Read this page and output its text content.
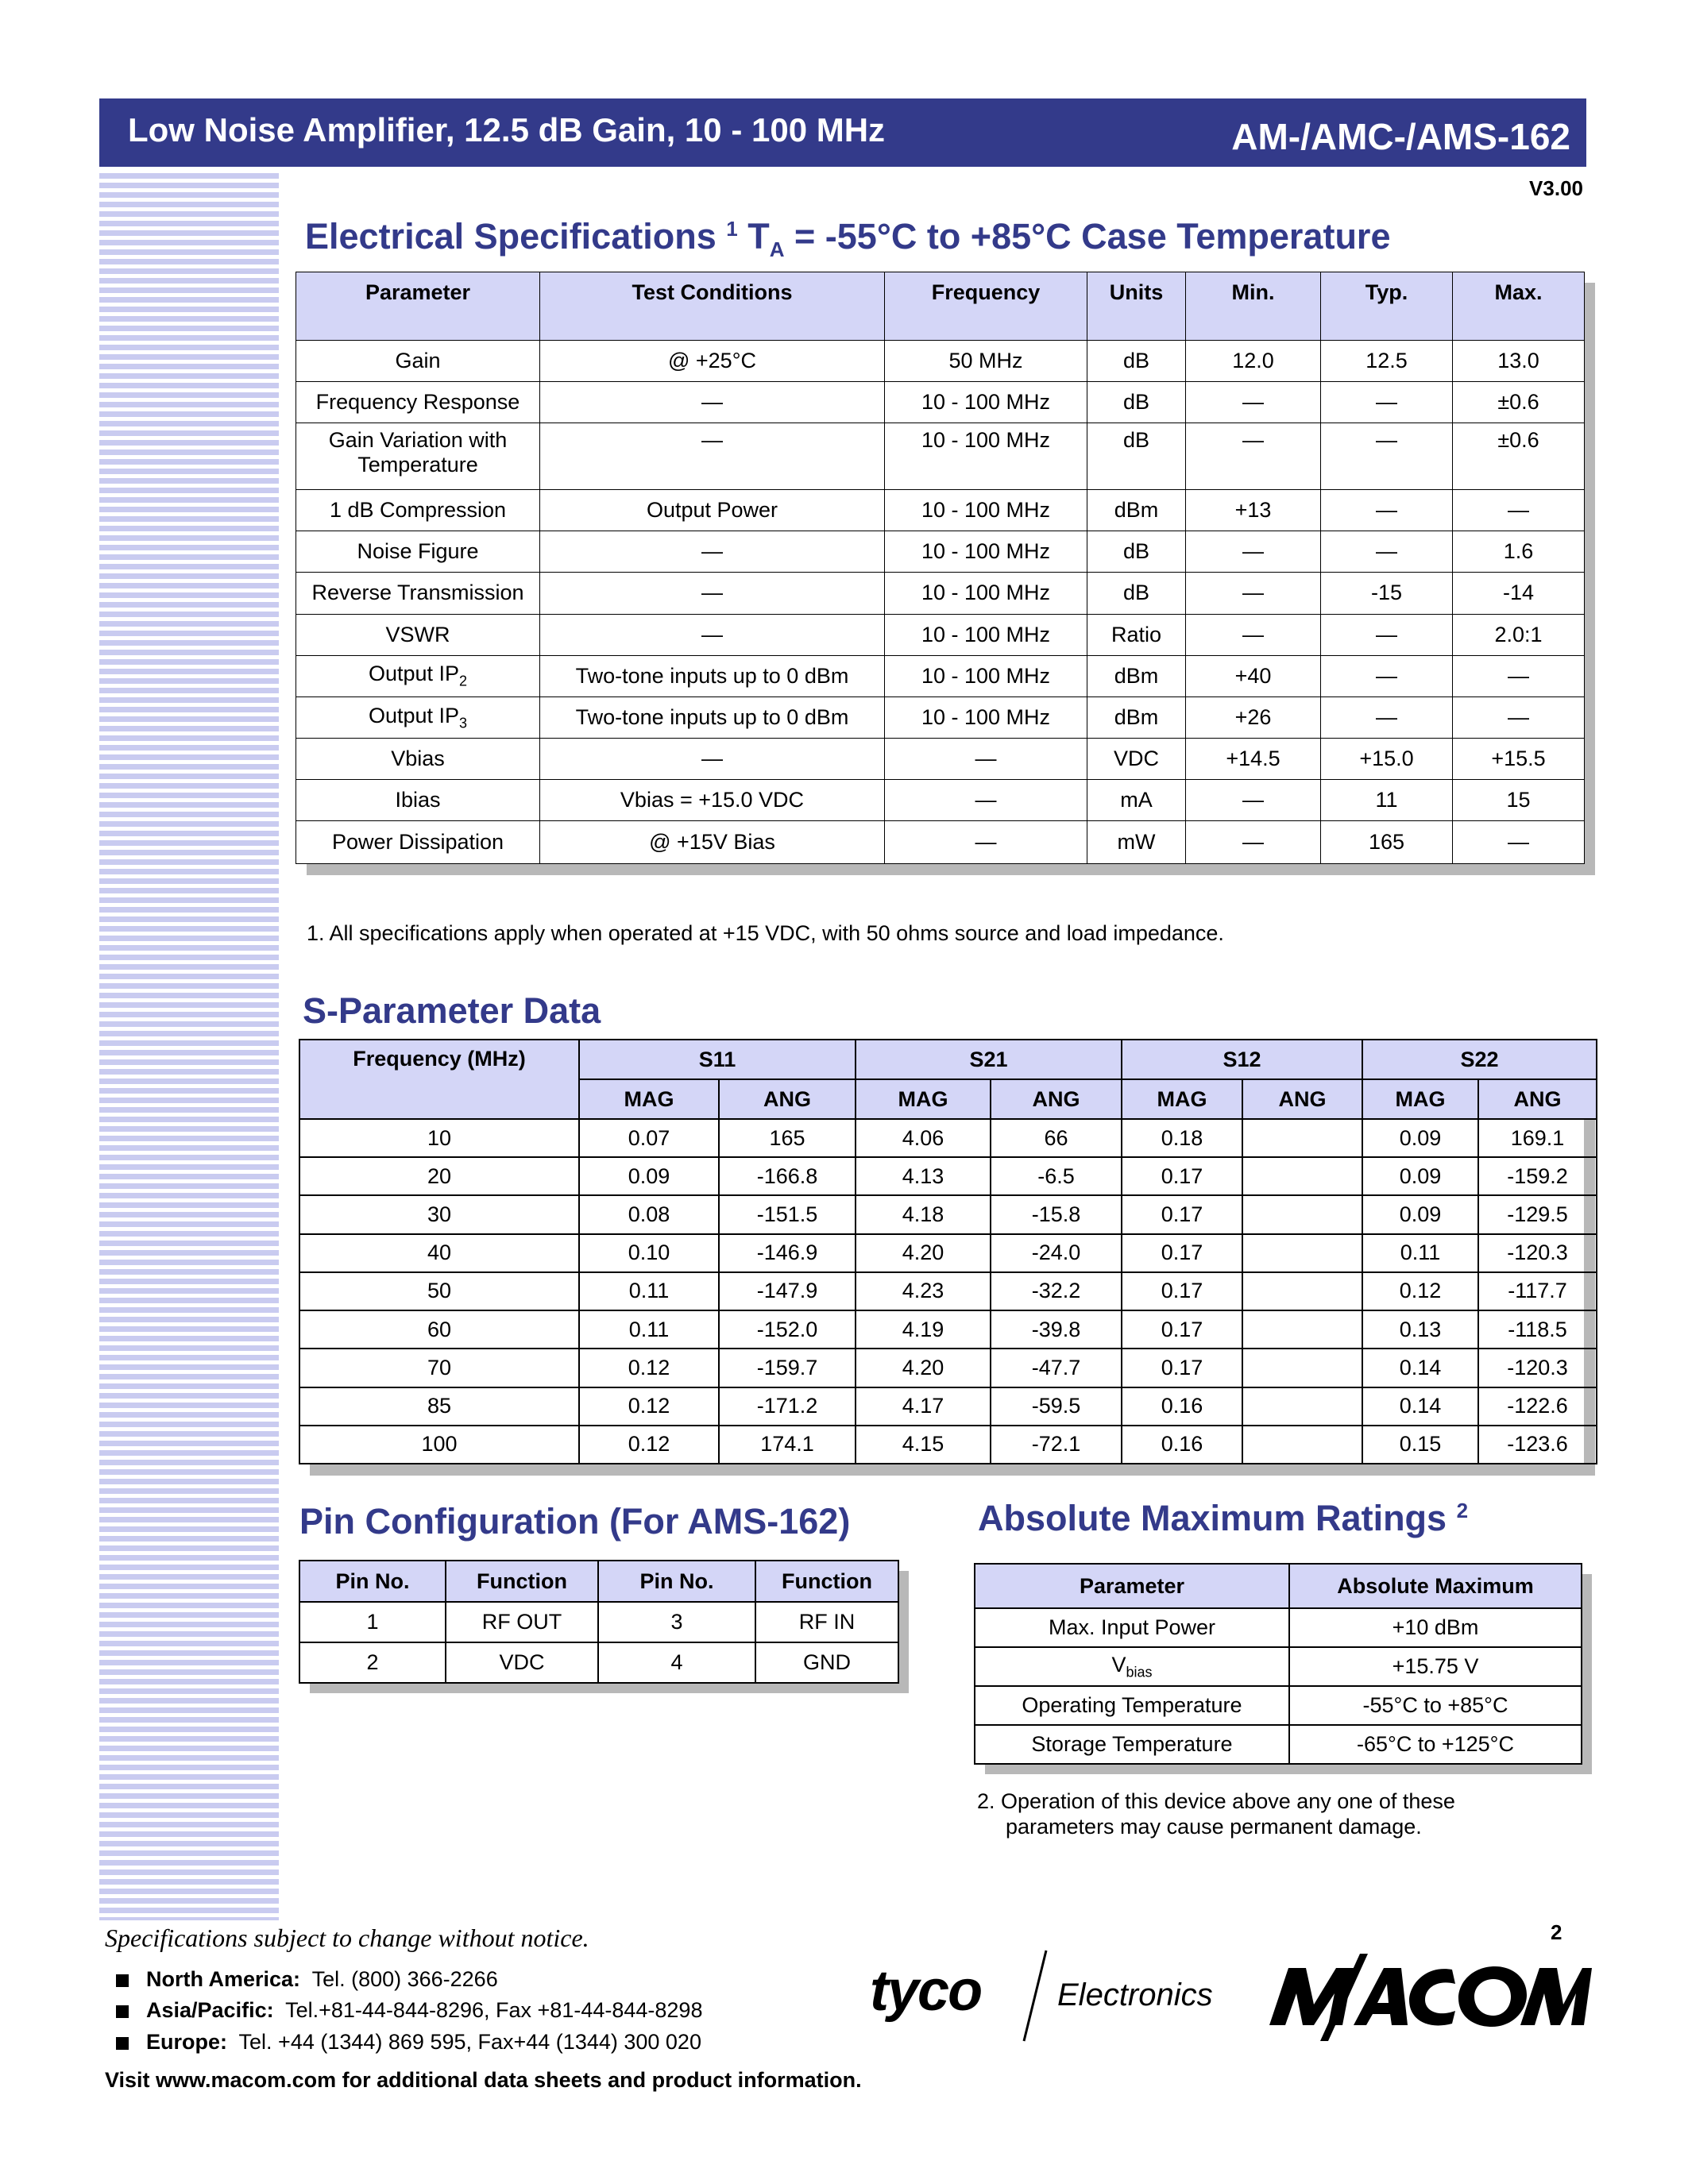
Low Noise Amplifier, 12.5 dB Gain, 10 - 100 MHz	AM-/AMC-/AMS-162
V3.00
Electrical Specifications $^1$ $T_A = -55^\circ C$ to +85°C Case Temperature
Parameter	Test Conditions	Frequency	Units	Min.	Typ.	Max.
Gain	@ +25°C	50 MHz	dB	12.0	12.5	13.0
Frequency Response	—	10 - 100 MHz	dB	—	—	±0.6
Gain Variation with Temperature	—	10 - 100 MHz	dB	—	—	±0.6
1 dB Compression	Output Power	10 - 100 MHz	dBm	+13	—	—
Noise Figure	—	10 - 100 MHz	dB	—	—	1.6
Reverse Transmission	—	10 - 100 MHz	dB	—	-15	-14
VSWR	—	10 - 100 MHz	Ratio	—	—	2.0:1
Output $IP_2$	Two-tone inputs up to 0 dBm	10 - 100 MHz	dBm	+40	—	—
Output $IP_3$	Two-tone inputs up to 0 dBm	10 - 100 MHz	dBm	+26	—	—
Vbias	—	—	VDC	+14.5	+15.0	+15.5
Ibias	Vbias = +15.0 VDC	—	mA	—	11	15
Power Dissipation	@ +15V Bias	—	mW	—	165	—
1. All specifications apply when operated at +15 VDC, with 50 ohms source and load impedance.
S-Parameter Data
Frequency (MHz)	S11		S21		S12		S22	
	MAG	ANG	MAG	ANG	MAG	ANG	MAG	ANG
10	0.07	165	4.06	66	0.18		0.09	169.1
20	0.09	-166.8	4.13	-6.5	0.17		0.09	-159.2
30	0.08	-151.5	4.18	-15.8	0.17		0.09	-129.5
40	0.10	-146.9	4.20	-24.0	0.17		0.11	-120.3
50	0.11	-147.9	4.23	-32.2	0.17		0.12	-117.7
60	0.11	-152.0	4.19	-39.8	0.17		0.13	-118.5
70	0.12	-159.7	4.20	-47.7	0.17		0.14	-120.3
85	0.12	-171.2	4.17	-59.5	0.16		0.14	-122.6
100	0.12	174.1	4.15	-72.1	0.16		0.15	-123.6
Pin Configuration (For AMS-162)
Pin No.	Function	Pin No.	Function
1	RF OUT	3	RF IN
2	VDC	4	GND
Absolute Maximum Ratings $^2$
Parameter	Absolute Maximum
Max. Input Power	+10 dBm
$V_{bias}$	+15.75 V
Operating Temperature	-55°C to +85°C
Storage Temperature	-65°C to +125°C
2. Operation of this device above any one of these
parameters may cause permanent damage.
Specifications subject to change without notice.	2
North America: Tel. (800) 366-2266
Asia/Pacific: Tel.+81-44-844-8296, Fax +81-44-844-8298
Europe: Tel. +44 (1344) 869 595, Fax+44 (1344) 300 020
Visit www.macom.com for additional data sheets and product information.
tyco Electronics
